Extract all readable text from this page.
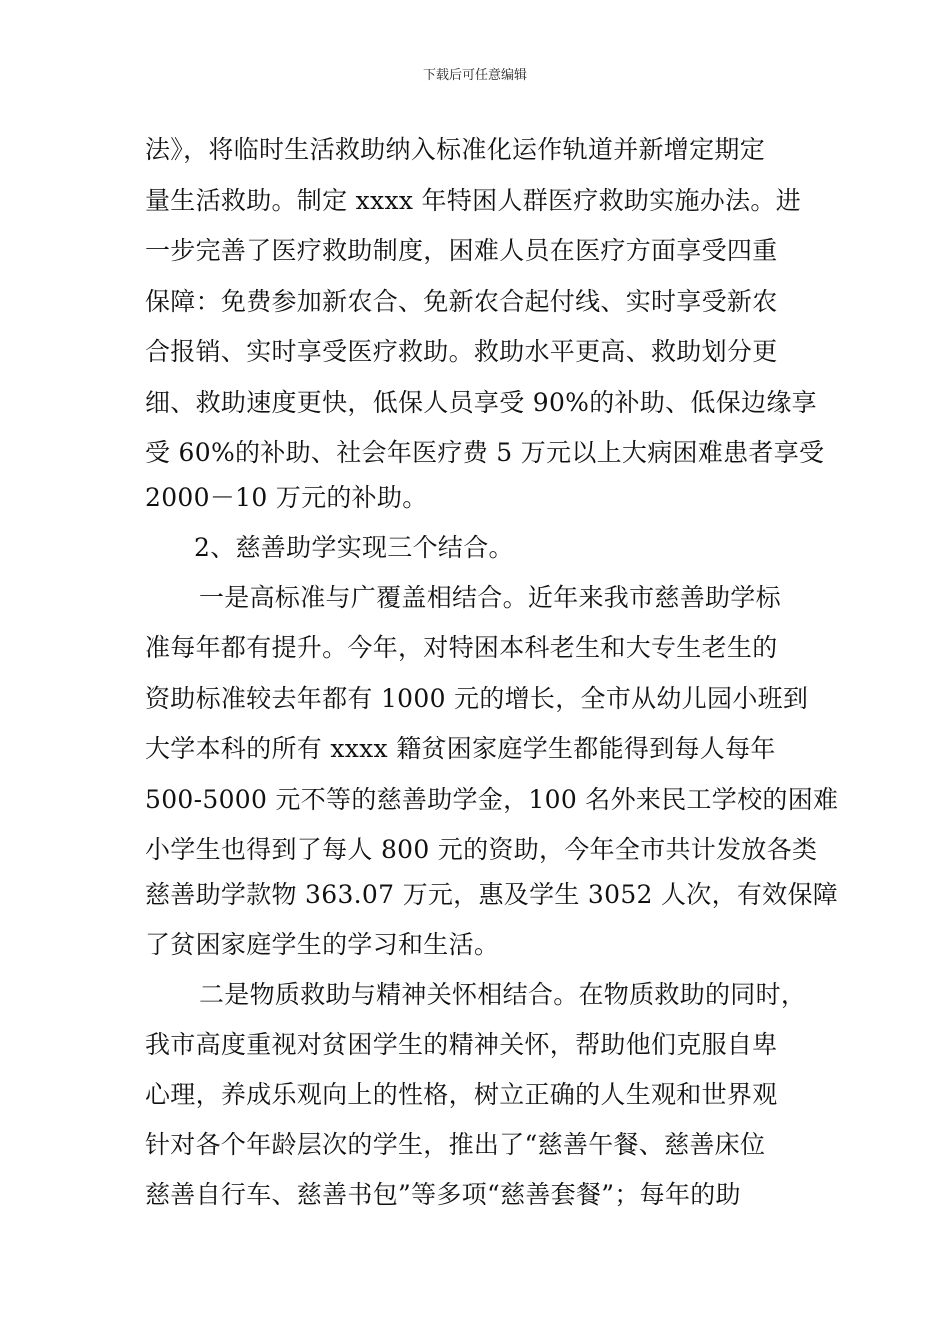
下载后可任意编辑
法》，将临时生活救助纳入标准化运作轨道并新增定期定
量生活救助。制定 xxxx 年特困人群医疗救助实施办法。进
一步完善了医疗救助制度，困难人员在医疗方面享受四重
保障：免费参加新农合、免新农合起付线、实时享受新农
合报销、实时享受医疗救助。救助水平更高、救助划分更
细、救助速度更快，低保人员享受 90%的补助、低保边缘享
受 60%的补助、社会年医疗费 5 万元以上大病困难患者享受
2000－10 万元的补助。
2、慈善助学实现三个结合。
一是高标准与广覆盖相结合。近年来我市慈善助学标
准每年都有提升。今年，对特困本科老生和大专生老生的
资助标准较去年都有 1000 元的增长，全市从幼儿园小班到
大学本科的所有 xxxx 籍贫困家庭学生都能得到每人每年
500-5000 元不等的慈善助学金，100 名外来民工学校的困难
小学生也得到了每人 800 元的资助，今年全市共计发放各类
慈善助学款物 363.07 万元，惠及学生 3052 人次，有效保障
了贫困家庭学生的学习和生活。
二是物质救助与精神关怀相结合。在物质救助的同时，
我市高度重视对贫困学生的精神关怀，帮助他们克服自卑
心理，养成乐观向上的性格，树立正确的人生观和世界观
针对各个年龄层次的学生，推出了“慈善午餐、慈善床位
慈善自行车、慈善书包”等多项“慈善套餐”；每年的助
